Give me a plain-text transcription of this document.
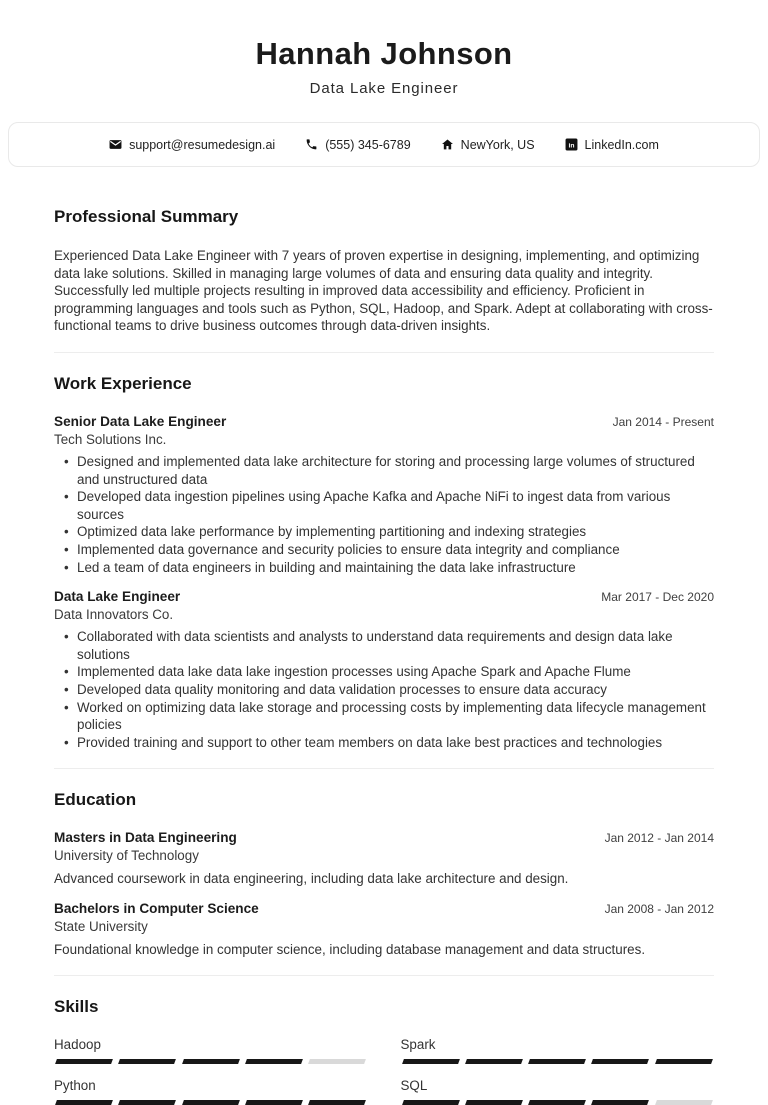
Hannah Johnson
Data Lake Engineer
support@resumedesign.ai	(555) 345-6789	NewYork, US	in LinkedIn.com
Professional Summary
Experienced Data Lake Engineer with 7 years of proven expertise in designing, implementing, and optimizing data lake solutions. Skilled in managing large volumes of data and ensuring data quality and integrity. Successfully led multiple projects resulting in improved data accessibility and efficiency. Proficient in programming languages and tools such as Python, SQL, Hadoop, and Spark. Adept at collaborating with cross-functional teams to drive business outcomes through data-driven insights.
Work Experience
Senior Data Lake Engineer	Jan 2014 - Present
Tech Solutions Inc.
• Designed and implemented data lake architecture for storing and processing large volumes of structured and unstructured data
• Developed data ingestion pipelines using Apache Kafka and Apache NiFi to ingest data from various sources
• Optimized data lake performance by implementing partitioning and indexing strategies
• Implemented data governance and security policies to ensure data integrity and compliance
• Led a team of data engineers in building and maintaining the data lake infrastructure
Data Lake Engineer	Mar 2017 - Dec 2020
Data Innovators Co.
• Collaborated with data scientists and analysts to understand data requirements and design data lake solutions
• Implemented data lake data lake ingestion processes using Apache Spark and Apache Flume
• Developed data quality monitoring and data validation processes to ensure data accuracy
• Worked on optimizing data lake storage and processing costs by implementing data lifecycle management policies
• Provided training and support to other team members on data lake best practices and technologies
Education
Masters in Data Engineering	Jan 2012 - Jan 2014
University of Technology
Advanced coursework in data engineering, including data lake architecture and design.
Bachelors in Computer Science	Jan 2008 - Jan 2012
State University
Foundational knowledge in computer science, including database management and data structures.
Skills
Hadoop	Spark
Python	SQL
